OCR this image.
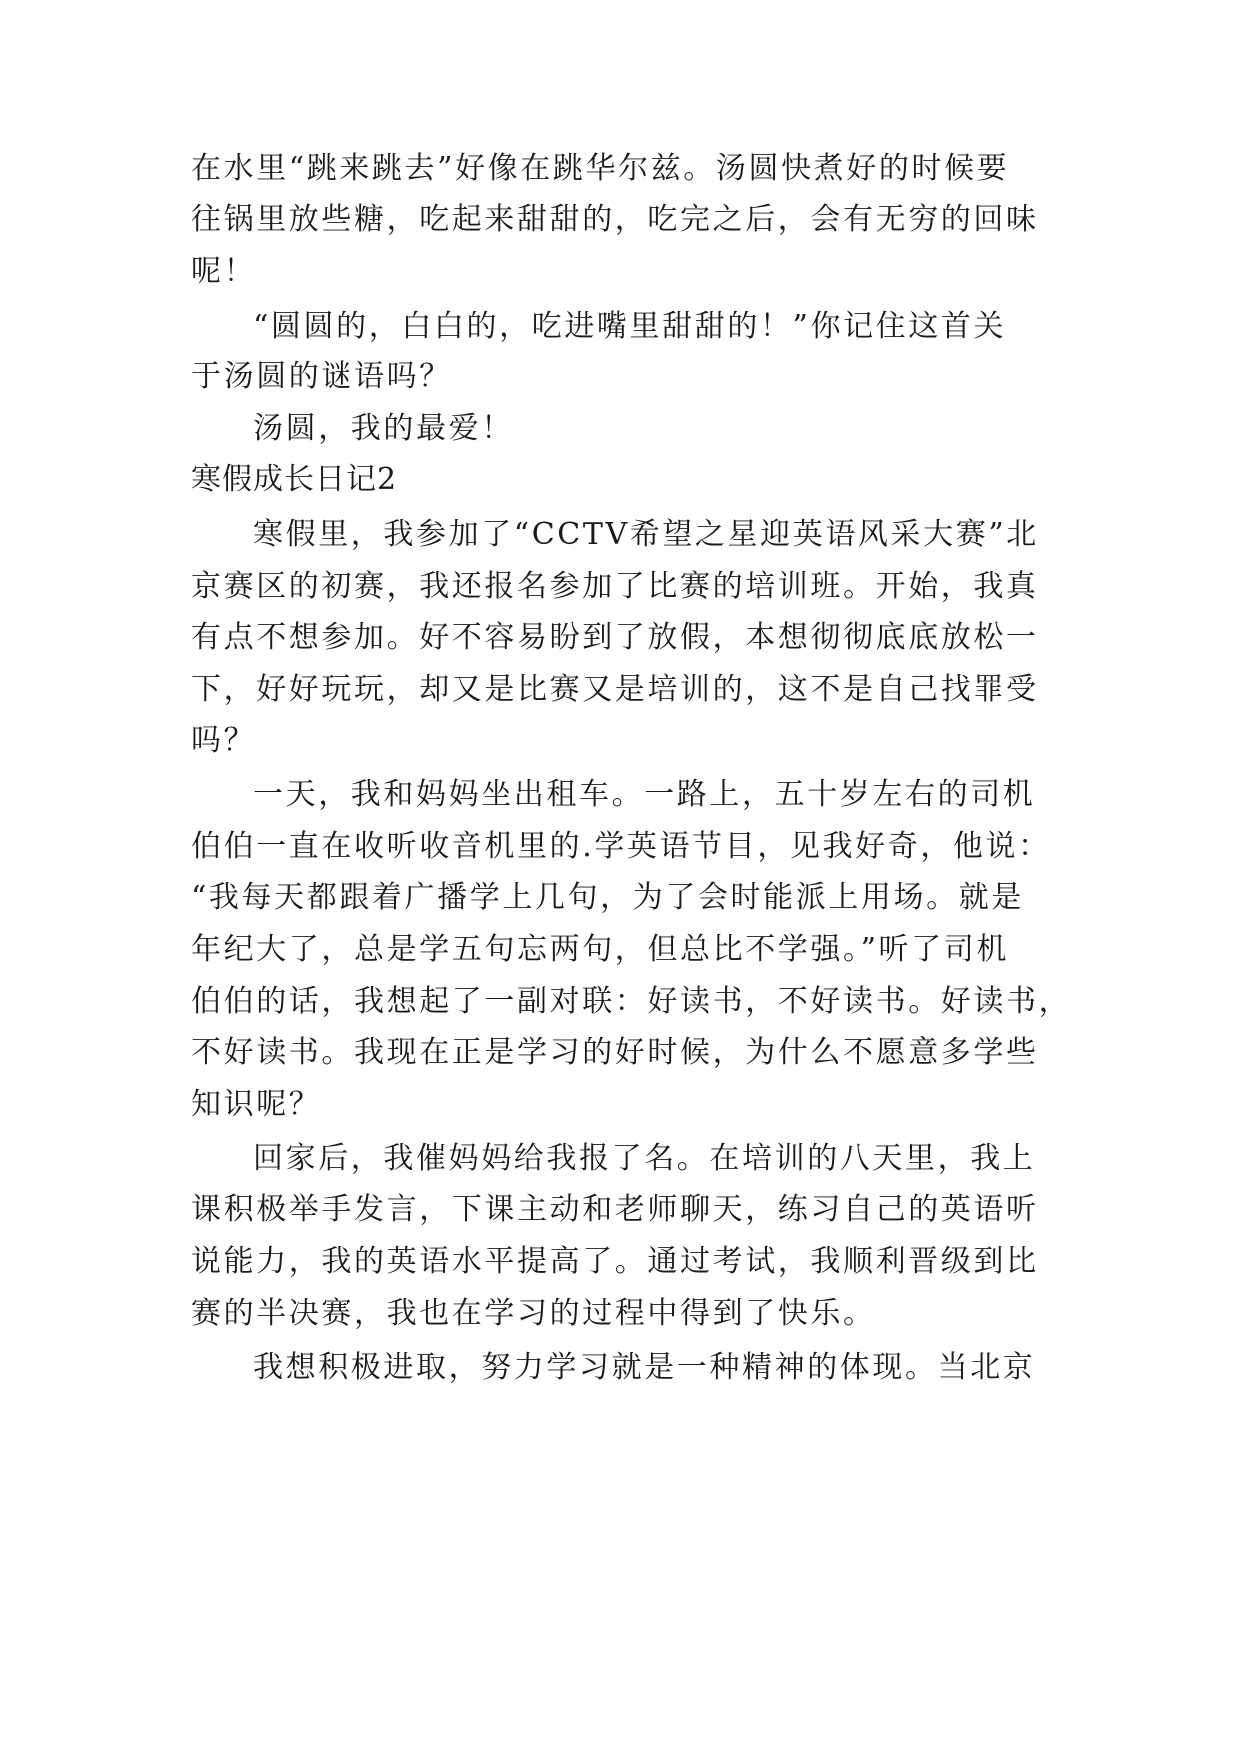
在水里“跳来跳去”好像在跳华尔兹。汤圆快煮好的时候要
往锅里放些糖，吃起来甜甜的，吃完之后，会有无穷的回味
呢！
“圆圆的，白白的，吃进嘴里甜甜的！”你记住这首关
于汤圆的谜语吗？
汤圆，我的最爱！
寒假成长日记2
寒假里，我参加了“CCTV希望之星迎英语风采大赛”北
京赛区的初赛，我还报名参加了比赛的培训班。开始，我真
有点不想参加。好不容易盼到了放假，本想彻彻底底放松一
下，好好玩玩，却又是比赛又是培训的，这不是自己找罪受
吗？
一天，我和妈妈坐出租车。一路上，五十岁左右的司机
伯伯一直在收听收音机里的.学英语节目，见我好奇，他说：
“我每天都跟着广播学上几句，为了会时能派上用场。就是
年纪大了，总是学五句忘两句，但总比不学强。”听了司机
伯伯的话，我想起了一副对联：好读书，不好读书。好读书，
不好读书。我现在正是学习的好时候，为什么不愿意多学些
知识呢？
回家后，我催妈妈给我报了名。在培训的八天里，我上
课积极举手发言，下课主动和老师聊天，练习自己的英语听
说能力，我的英语水平提高了。通过考试，我顺利晋级到比
赛的半决赛，我也在学习的过程中得到了快乐。
我想积极进取，努力学习就是一种精神的体现。当北京
